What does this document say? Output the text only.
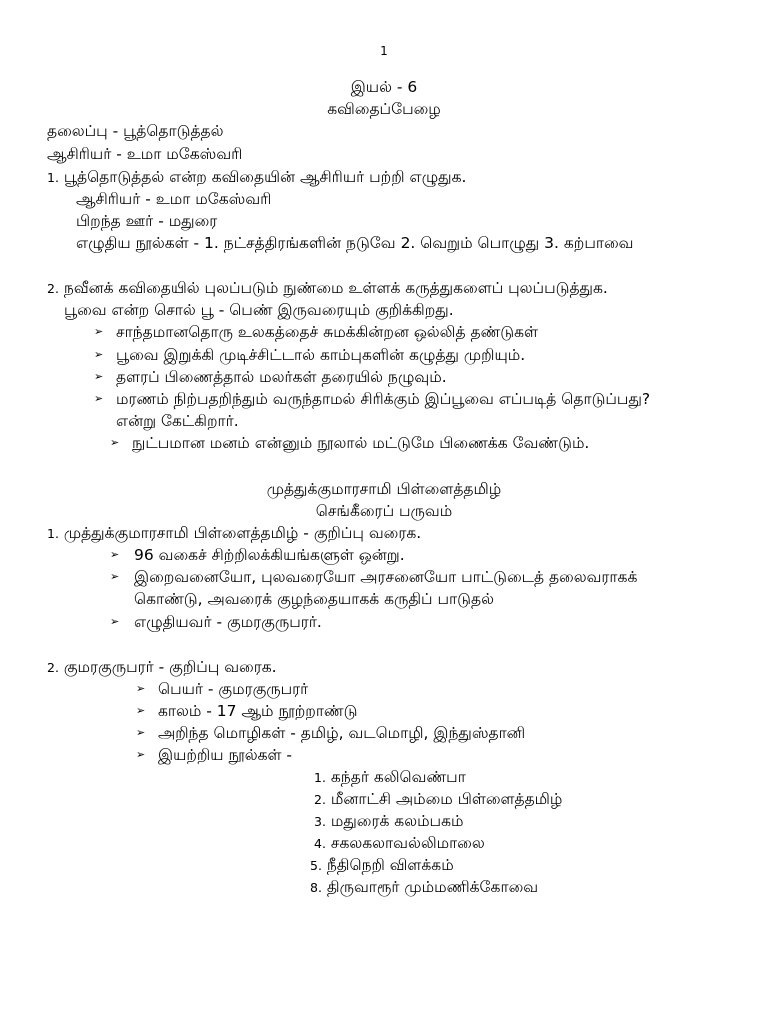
1
இயல் - 6
கவிதைப்பேழை
தலைப்பு - பூத்தொடுத்தல்
ஆசிரியர் - உமா மகேஸ்வரி
1. பூத்தொடுத்தல் என்ற கவிதையின் ஆசிரியர் பற்றி எழுதுக.
ஆசிரியர் - உமா மகேஸ்வரி
பிறந்த ஊர் - மதுரை
எழுதிய நூல்கள் - 1. நட்சத்திரங்களின் நடுவே 2. வெறும் பொழுது 3. கற்பாவை
2. நவீனக் கவிதையில் புலப்படும் நுண்மை உள்ளக் கருத்துகளைப் புலப்படுத்துக.
பூவை என்ற சொல் பூ - பெண் இருவரையும் குறிக்கிறது.
➢ சாந்தமானதொரு உலகத்தைச் சுமக்கின்றன ஒல்லித் தண்டுகள்
➢ பூவை இறுக்கி முடிச்சிட்டால் காம்புகளின் கழுத்து முறியும்.
➢ தளரப் பிணைத்தால் மலர்கள் தரையில் நழுவும்.
➢ மரணம் நிற்பதறிந்தும் வருந்தாமல் சிரிக்கும் இப்பூவை எப்படித் தொடுப்பது?
என்று கேட்கிறார்.
➢ நுட்பமான மனம் என்னும் நூலால் மட்டுமே பிணைக்க வேண்டும்.
முத்துக்குமாரசாமி பிள்ளைத்தமிழ்
செங்கீரைப் பருவம்
1. முத்துக்குமாரசாமி பிள்ளைத்தமிழ் - குறிப்பு வரைக.
➢ 96 வகைச் சிற்றிலக்கியங்களுள் ஒன்று.
➢ இறைவனையோ, புலவரையோ அரசனையோ பாட்டுடைத் தலைவராகக்
கொண்டு, அவரைக் குழந்தையாகக் கருதிப் பாடுதல்
➢ எழுதியவர் - குமரகுருபரர்.
2. குமரகுருபரர் - குறிப்பு வரைக.
➢ பெயர் - குமரகுருபரர்
➢ காலம் - 17 ஆம் நூற்றாண்டு
➢ அறிந்த மொழிகள் - தமிழ், வடமொழி, இந்துஸ்தானி
➢ இயற்றிய நூல்கள் -
1. கந்தர் கலிவெண்பா
2. மீனாட்சி அம்மை பிள்ளைத்தமிழ்
3. மதுரைக் கலம்பகம்
4. சகலகலாவல்லிமாலை
5. நீதிநெறி விளக்கம்
8. திருவாரூர் மும்மணிக்கோவை
